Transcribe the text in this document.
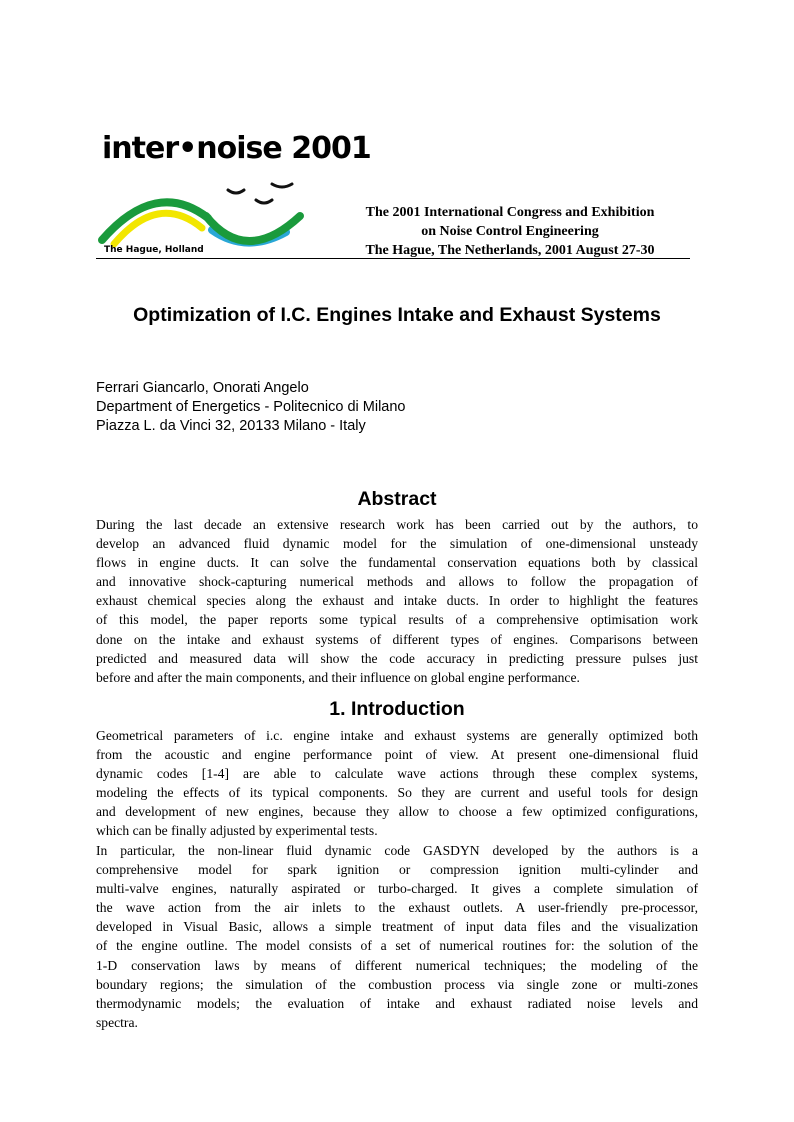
inter•noise 2001
The Hague, Holland
The 2001 International Congress and Exhibition
on Noise Control Engineering
The Hague, The Netherlands, 2001 August 27-30
Optimization of I.C. Engines Intake and Exhaust Systems
Ferrari Giancarlo, Onorati Angelo
Department of Energetics - Politecnico di Milano
Piazza L. da Vinci 32, 20133 Milano - Italy
Abstract
During the last decade an extensive research work has been carried out by the authors, to
develop an advanced fluid dynamic model for the simulation of one-dimensional unsteady
flows in engine ducts. It can solve the fundamental conservation equations both by classical
and innovative shock-capturing numerical methods and allows to follow the propagation of
exhaust chemical species along the exhaust and intake ducts. In order to highlight the features
of this model, the paper reports some typical results of a comprehensive optimisation work
done on the intake and exhaust systems of different types of engines. Comparisons between
predicted and measured data will show the code accuracy in predicting pressure pulses just
before and after the main components, and their influence on global engine performance.
1. Introduction
Geometrical parameters of i.c. engine intake and exhaust systems are generally optimized both
from the acoustic and engine performance point of view. At present one-dimensional fluid
dynamic codes [1-4] are able to calculate wave actions through these complex systems,
modeling the effects of its typical components. So they are current and useful tools for design
and development of new engines, because they allow to choose a few optimized configurations,
which can be finally adjusted by experimental tests.
In particular, the non-linear fluid dynamic code GASDYN developed by the authors is a
comprehensive model for spark ignition or compression ignition multi-cylinder and
multi-valve engines, naturally aspirated or turbo-charged. It gives a complete simulation of
the wave action from the air inlets to the exhaust outlets. A user-friendly pre-processor,
developed in Visual Basic, allows a simple treatment of input data files and the visualization
of the engine outline. The model consists of a set of numerical routines for: the solution of the
1-D conservation laws by means of different numerical techniques; the modeling of the
boundary regions; the simulation of the combustion process via single zone or multi-zones
thermodynamic models; the evaluation of intake and exhaust radiated noise levels and
spectra.
